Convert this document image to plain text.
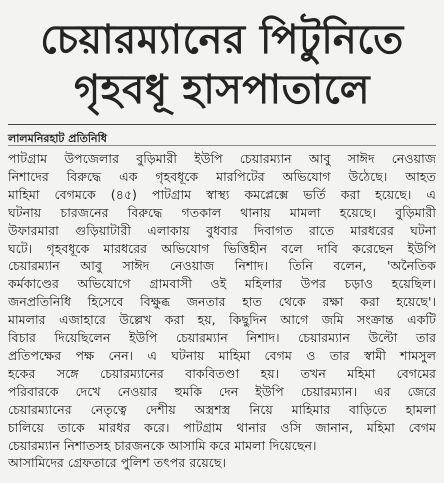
চেয়ারম্যানের পিটুনিতে
গৃহবধূ হাসপাতালে
লালমনিরহাট প্রতিনিধি
পাটগ্রাম উপজেলার বুড়িমারী ইউপি চেয়ারম্যান আবু সাঈদ নেওয়াজ
নিশাদের বিরুদ্ধে এক গৃহবধূকে মারপিটের অভিযোগ উঠেছে। আহত
মাহিমা বেগমকে (৪৫) পাটগ্রাম স্বাস্থ্য কমপ্লেক্সে ভর্তি করা হয়েছে। এ
ঘটনায় চারজনের বিরুদ্ধে গতকাল থানায় মামলা হয়েছে। বুড়িমারী
উফারমারা গুড়িয়াটারী এলাকায় বুধবার দিবাগত রাতে মারধরের ঘটনা
ঘটে। গৃহবধূকে মারধরের অভিযোগ ভিত্তিহীন বলে দাবি করেছেন ইউপি
চেয়ারম্যান আবু সাঈদ নেওয়াজ নিশাদ। তিনি বলেন, 'অনৈতিক
কর্মকাণ্ডের অভিযোগে গ্রামবাসী ওই মহিলার উপর চড়াও হয়েছিল।
জনপ্রতিনিধি হিসেবে বিক্ষুব্ধ জনতার হাত থেকে রক্ষা করা হয়েছে'।
মামলার এজাহারে উল্লেখ করা হয়, কিছুদিন আগে জমি সংক্রান্ত একটি
বিচার দিয়েছিলেন ইউপি চেয়ারম্যান নিশাদ। চেয়ারম্যান উল্টো তার
প্রতিপক্ষের পক্ষ নেন। এ ঘটনায় মাহিমা বেগম ও তার স্বামী শামসুল
হকের সঙ্গে চেয়ারম্যানের বাকবিতণ্ডা হয়। তখন মহিমা বেগমের
পরিবারকে দেখে নেওয়ার হুমকি দেন ইউপি চেয়ারম্যান। এর জেরে
চেয়ারম্যানের নেতৃত্বে দেশীয় অস্ত্রশস্ত্র নিয়ে মাহিমার বাড়িতে হামলা
চালিয়ে তাকে মারধর করে। পাটগ্রাম থানার ওসি জানান, মহিমা বেগম
চেয়ারম্যান নিশাতসহ চারজনকে আসামি করে মামলা দিয়েছেন।
আসামিদের গ্রেফতারে পুলিশ তৎপর রয়েছে।
